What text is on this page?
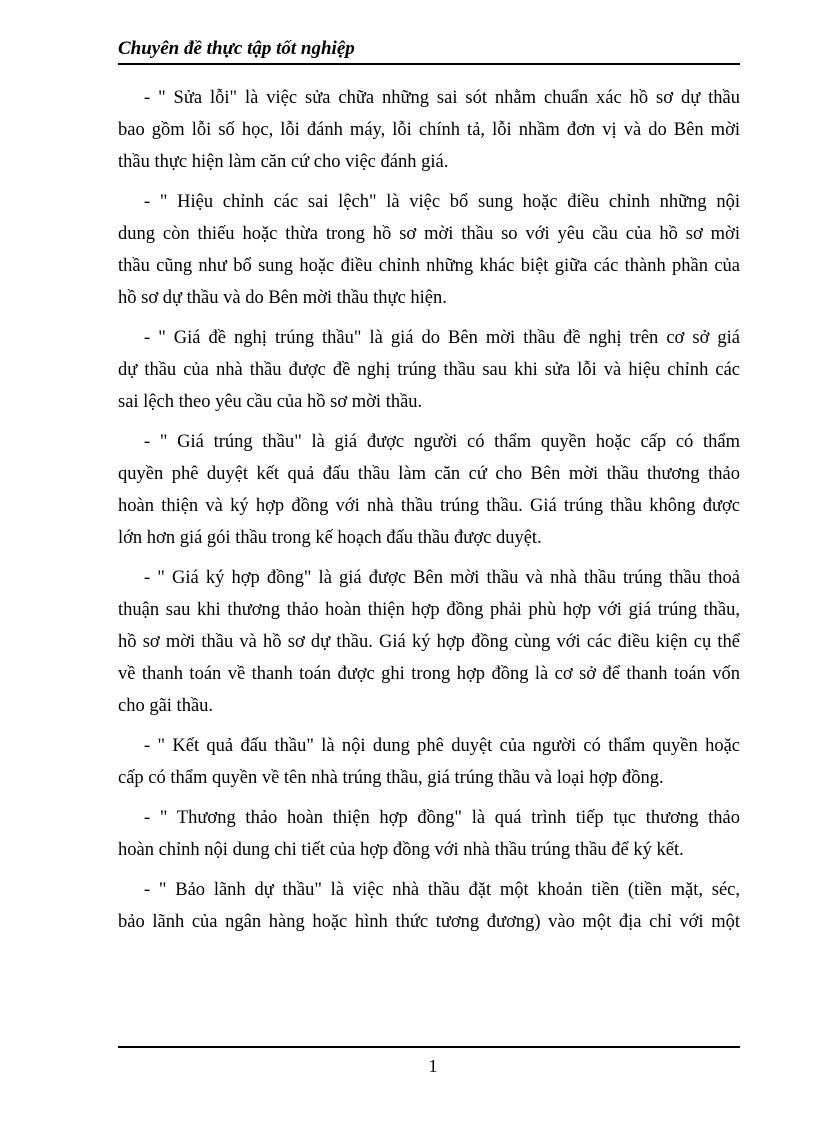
Chuyên đề thực tập tốt nghiệp
- " Sửa lỗi" là việc sửa chữa những sai sót nhằm chuẩn xác hồ sơ dự thầu
bao gồm lỗi số học, lỗi đánh máy, lỗi chính tả, lỗi nhầm đơn vị và do Bên mời
thầu thực hiện làm căn cứ cho việc đánh giá.
- " Hiệu chỉnh các sai lệch" là việc bổ sung hoặc điều chỉnh những nội
dung còn thiếu hoặc thừa trong hồ sơ mời thầu so với yêu cầu của hồ sơ mời
thầu cũng như bổ sung hoặc điều chỉnh những khác biệt giữa các thành phần của
hồ sơ dự thầu và do Bên mời thầu thực hiện.
- " Giá đề nghị trúng thầu" là giá do Bên mời thầu đề nghị trên cơ sở giá
dự thầu của nhà thầu được đề nghị trúng thầu sau khi sửa lỗi và hiệu chỉnh các
sai lệch theo yêu cầu của hồ sơ mời thầu.
- " Giá trúng thầu" là giá được người có thẩm quyền hoặc cấp có thẩm
quyền phê duyệt kết quả đấu thầu làm căn cứ cho Bên mời thầu thương thảo
hoàn thiện và ký hợp đồng với nhà thầu trúng thầu. Giá trúng thầu không được
lớn hơn giá gói thầu trong kế hoạch đấu thầu được duyệt.
- " Giá ký hợp đồng" là giá được Bên mời thầu và nhà thầu trúng thầu thoả
thuận sau khi thương thảo hoàn thiện hợp đồng phải phù hợp với giá trúng thầu,
hồ sơ mời thầu và hồ sơ dự thầu. Giá ký hợp đồng cùng với các điều kiện cụ thể
về thanh toán về thanh toán được ghi trong hợp đồng là cơ sở để thanh toán vốn
cho gãi thầu.
- " Kết quả đấu thầu" là nội dung phê duyệt của người có thẩm quyền hoặc
cấp có thẩm quyền về tên nhà trúng thầu, giá trúng thầu và loại hợp đồng.
- " Thương thảo hoàn thiện hợp đồng" là quá trình tiếp tục thương thảo
hoàn chỉnh nội dung chi tiết của hợp đồng với nhà thầu trúng thầu để ký kết.
- " Bảo lãnh dự thầu" là việc nhà thầu đặt một khoản tiền (tiền mặt, séc,
bảo lãnh của ngân hàng hoặc hình thức tương đương) vào một địa chỉ với một
1
